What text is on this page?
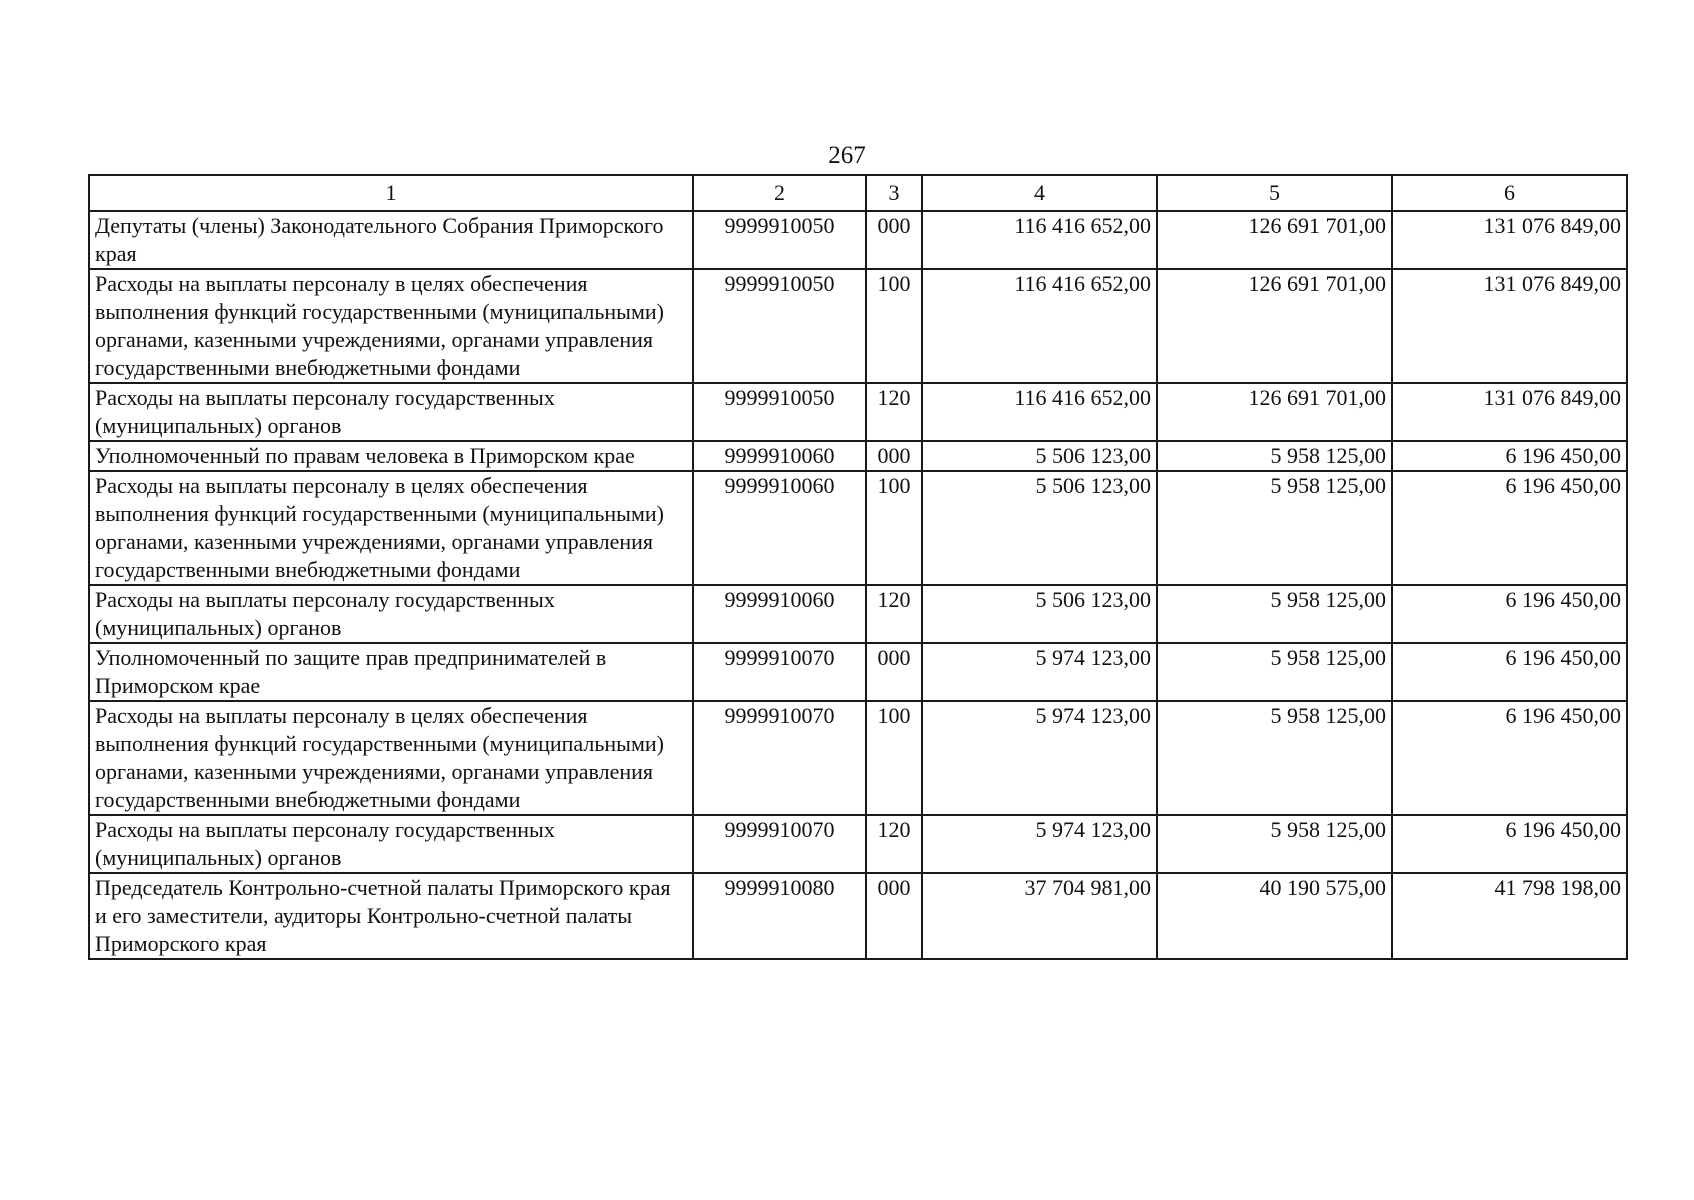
267
1	2	3	4	5	6
Депутаты (члены) Законодательного Собрания Приморского края	9999910050	000	116 416 652,00	126 691 701,00	131 076 849,00
Расходы на выплаты персоналу в целях обеспечения выполнения функций государственными (муниципальными) органами, казенными учреждениями, органами управления государственными внебюджетными фондами	9999910050	100	116 416 652,00	126 691 701,00	131 076 849,00
Расходы на выплаты персоналу государственных (муниципальных) органов	9999910050	120	116 416 652,00	126 691 701,00	131 076 849,00
Уполномоченный по правам человека в Приморском крае	9999910060	000	5 506 123,00	5 958 125,00	6 196 450,00
Расходы на выплаты персоналу в целях обеспечения выполнения функций государственными (муниципальными) органами, казенными учреждениями, органами управления государственными внебюджетными фондами	9999910060	100	5 506 123,00	5 958 125,00	6 196 450,00
Расходы на выплаты персоналу государственных (муниципальных) органов	9999910060	120	5 506 123,00	5 958 125,00	6 196 450,00
Уполномоченный по защите прав предпринимателей в Приморском крае	9999910070	000	5 974 123,00	5 958 125,00	6 196 450,00
Расходы на выплаты персоналу в целях обеспечения выполнения функций государственными (муниципальными) органами, казенными учреждениями, органами управления государственными внебюджетными фондами	9999910070	100	5 974 123,00	5 958 125,00	6 196 450,00
Расходы на выплаты персоналу государственных (муниципальных) органов	9999910070	120	5 974 123,00	5 958 125,00	6 196 450,00
Председатель Контрольно-счетной палаты Приморского края и его заместители, аудиторы Контрольно-счетной палаты Приморского края	9999910080	000	37 704 981,00	40 190 575,00	41 798 198,00
